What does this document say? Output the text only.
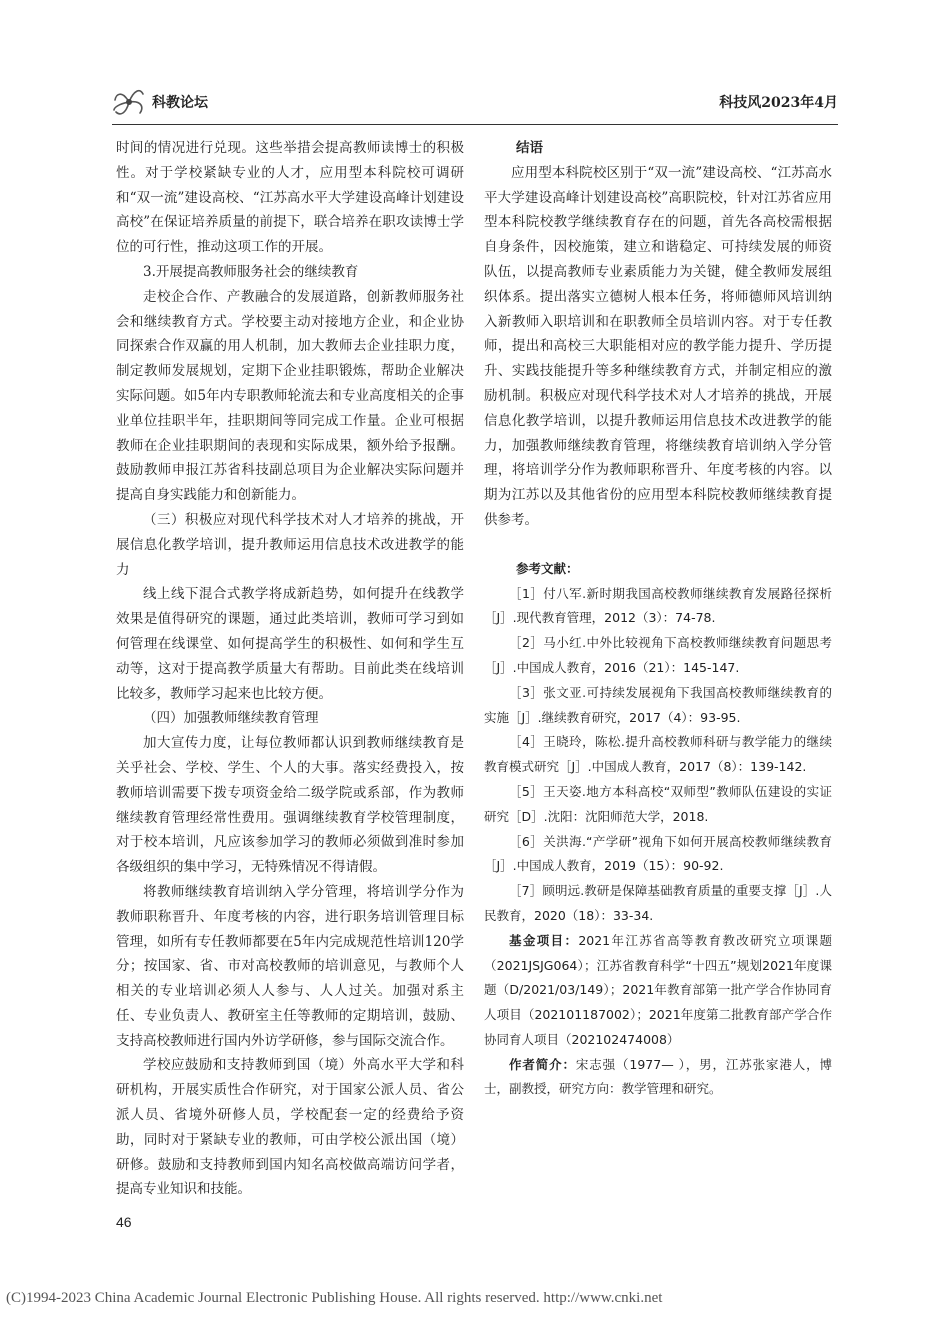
科教论坛	科技风2023年4月

时间的情况进行兑现。这些举措会提高教师读博士的积极性。对于学校紧缺专业的人才，应用型本科院校可调研和“双一流”建设高校、“江苏高水平大学建设高峰计划建设高校”在保证培养质量的前提下，联合培养在职攻读博士学位的可行性，推动这项工作的开展。

3.开展提高教师服务社会的继续教育

走校企合作、产教融合的发展道路，创新教师服务社会和继续教育方式。学校要主动对接地方企业，和企业协同探索合作双赢的用人机制，加大教师去企业挂职力度，制定教师发展规划，定期下企业挂职锻炼，帮助企业解决实际问题。如5年内专职教师轮流去和专业高度相关的企事业单位挂职半年，挂职期间等同完成工作量。企业可根据教师在企业挂职期间的表现和实际成果，额外给予报酬。鼓励教师申报江苏省科技副总项目为企业解决实际问题并提高自身实践能力和创新能力。

（三）积极应对现代科学技术对人才培养的挑战，开展信息化教学培训，提升教师运用信息技术改进教学的能力

线上线下混合式教学将成新趋势，如何提升在线教学效果是值得研究的课题，通过此类培训，教师可学习到如何管理在线课堂、如何提高学生的积极性、如何和学生互动等，这对于提高教学质量大有帮助。目前此类在线培训比较多，教师学习起来也比较方便。

（四）加强教师继续教育管理

加大宣传力度，让每位教师都认识到教师继续教育是关乎社会、学校、学生、个人的大事。落实经费投入，按教师培训需要下拨专项资金给二级学院或系部，作为教师继续教育管理经常性费用。强调继续教育学校管理制度，对于校本培训，凡应该参加学习的教师必须做到准时参加各级组织的集中学习，无特殊情况不得请假。

将教师继续教育培训纳入学分管理，将培训学分作为教师职称晋升、年度考核的内容，进行职务培训管理目标管理，如所有专任教师都要在5年内完成规范性培训120学分；按国家、省、市对高校教师的培训意见，与教师个人相关的专业培训必须人人参与、人人过关。加强对系主任、专业负责人、教研室主任等教师的定期培训，鼓励、支持高校教师进行国内外访学研修，参与国际交流合作。

学校应鼓励和支持教师到国（境）外高水平大学和科研机构，开展实质性合作研究，对于国家公派人员、省公派人员、省境外研修人员，学校配套一定的经费给予资助，同时对于紧缺专业的教师，可由学校公派出国（境）研修。鼓励和支持教师到国内知名高校做高端访问学者，提高专业知识和技能。

结语

应用型本科院校区别于“双一流”建设高校、“江苏高水平大学建设高峰计划建设高校”高职院校，针对江苏省应用型本科院校教学继续教育存在的问题，首先各高校需根据自身条件，因校施策，建立和谐稳定、可持续发展的师资队伍，以提高教师专业素质能力为关键，健全教师发展组织体系。提出落实立德树人根本任务，将师德师风培训纳入新教师入职培训和在职教师全员培训内容。对于专任教师，提出和高校三大职能相对应的教学能力提升、学历提升、实践技能提升等多种继续教育方式，并制定相应的激励机制。积极应对现代科学技术对人才培养的挑战，开展信息化教学培训，以提升教师运用信息技术改进教学的能力，加强教师继续教育管理，将继续教育培训纳入学分管理，将培训学分作为教师职称晋升、年度考核的内容。以期为江苏以及其他省份的应用型本科院校教师继续教育提供参考。

参考文献：

［1］付八军.新时期我国高校教师继续教育发展路径探析［J］.现代教育管理，2012（3）：74-78.

［2］马小红.中外比较视角下高校教师继续教育问题思考［J］.中国成人教育，2016（21）：145-147.

［3］张文亚.可持续发展视角下我国高校教师继续教育的实施［J］.继续教育研究，2017（4）：93-95.

［4］王晓玲，陈松.提升高校教师科研与教学能力的继续教育模式研究［J］.中国成人教育，2017（8）：139-142.

［5］王天姿.地方本科高校“双师型”教师队伍建设的实证研究［D］.沈阳：沈阳师范大学，2018.

［6］关洪海.“产学研”视角下如何开展高校教师继续教育［J］.中国成人教育，2019（15）：90-92.

［7］顾明远.教研是保障基础教育质量的重要支撑［J］.人民教育，2020（18）：33-34.

基金项目：2021年江苏省高等教育教改研究立项课题（2021JSJG064）；江苏省教育科学“十四五”规划2021年度课题（D/2021/03/149）；2021年教育部第一批产学合作协同育人项目（202101187002）；2021年度第二批教育部产学合作协同育人项目（202102474008）

作者简介：宋志强（1977— ），男，江苏张家港人，博士，副教授，研究方向：教学管理和研究。

46
(C)1994-2023 China Academic Journal Electronic Publishing House. All rights reserved. http://www.cnki.net
